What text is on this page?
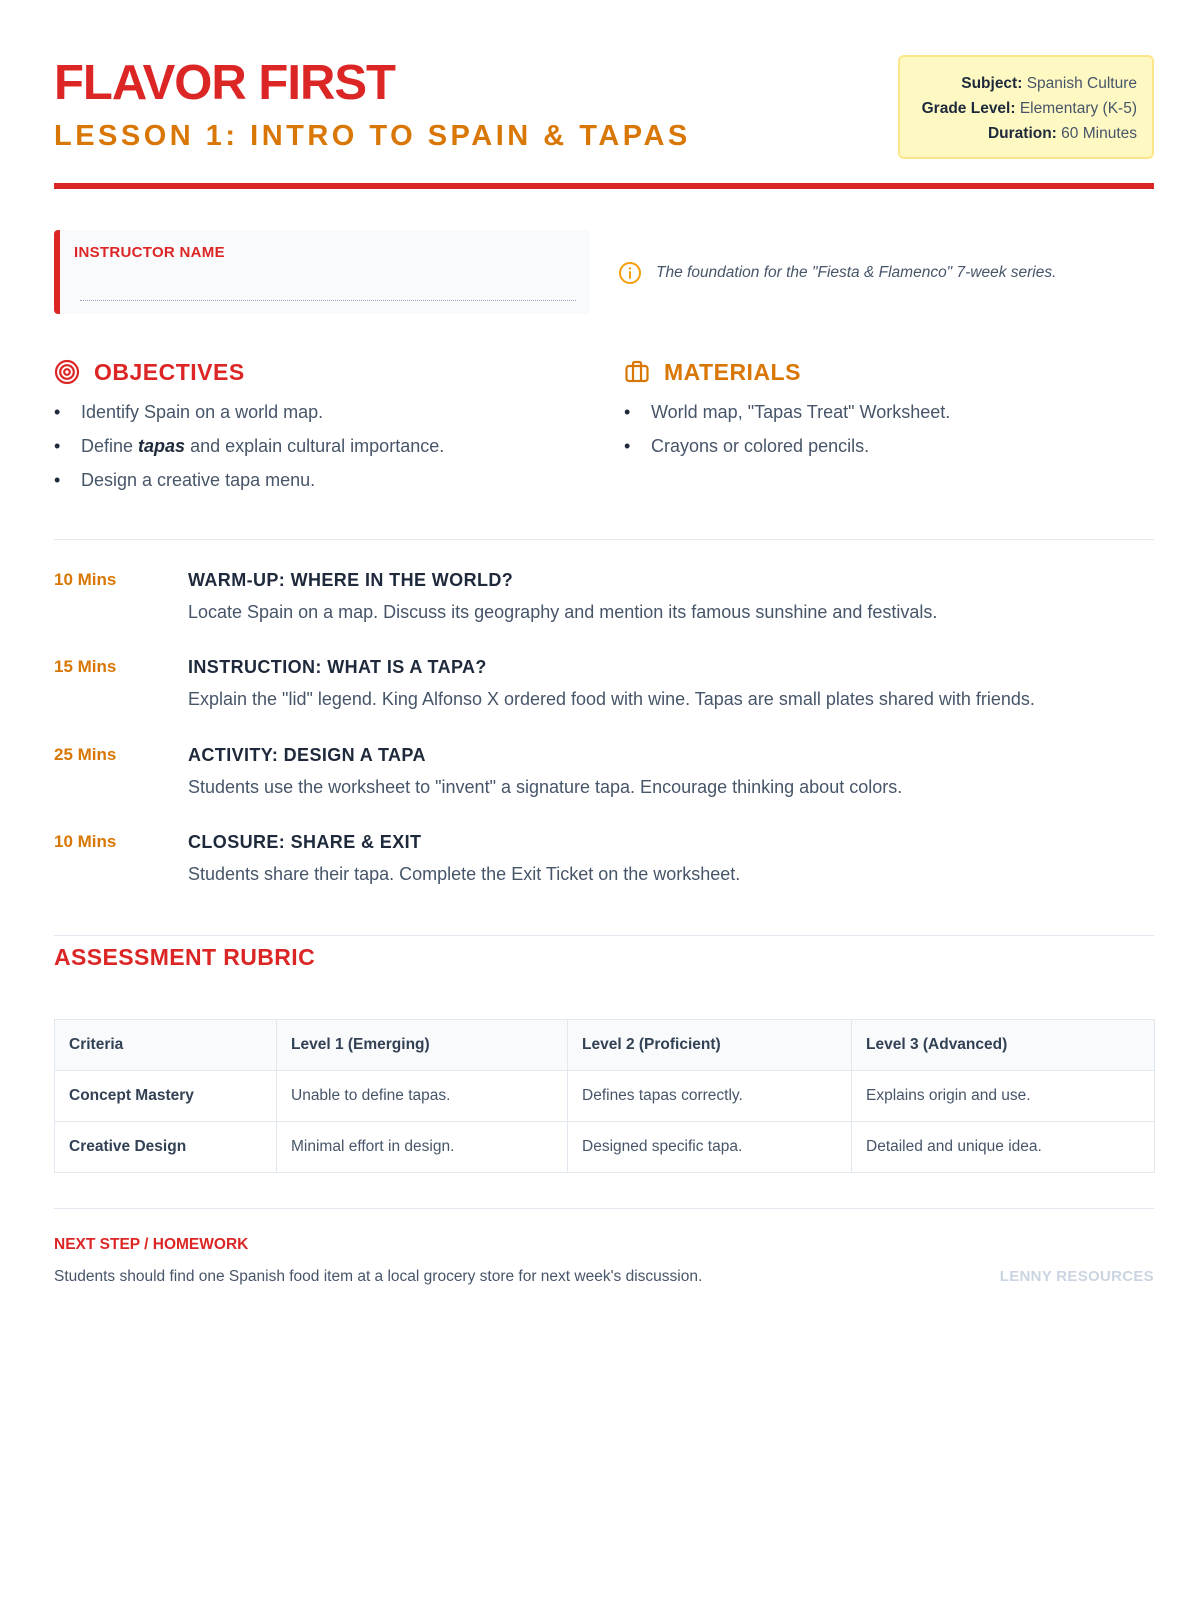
FLAVOR FIRST
LESSON 1: INTRO TO SPAIN & TAPAS
Subject: Spanish Culture
Grade Level: Elementary (K-5)
Duration: 60 Minutes
INSTRUCTOR NAME
The foundation for the "Fiesta & Flamenco" 7-week series.
OBJECTIVES
• Identify Spain on a world map.
• Define tapas and explain cultural importance.
• Design a creative tapa menu.
MATERIALS
• World map, "Tapas Treat" Worksheet.
• Crayons or colored pencils.
10 Mins	WARM-UP: WHERE IN THE WORLD?
Locate Spain on a map. Discuss its geography and mention its famous sunshine and festivals.
15 Mins	INSTRUCTION: WHAT IS A TAPA?
Explain the "lid" legend. King Alfonso X ordered food with wine. Tapas are small plates shared with friends.
25 Mins	ACTIVITY: DESIGN A TAPA
Students use the worksheet to "invent" a signature tapa. Encourage thinking about colors.
10 Mins	CLOSURE: SHARE & EXIT
Students share their tapa. Complete the Exit Ticket on the worksheet.
ASSESSMENT RUBRIC
Criteria	Level 1 (Emerging)	Level 2 (Proficient)	Level 3 (Advanced)
Concept Mastery	Unable to define tapas.	Defines tapas correctly.	Explains origin and use.
Creative Design	Minimal effort in design.	Designed specific tapa.	Detailed and unique idea.
NEXT STEP / HOMEWORK
Students should find one Spanish food item at a local grocery store for next week's discussion.	LENNY RESOURCES
